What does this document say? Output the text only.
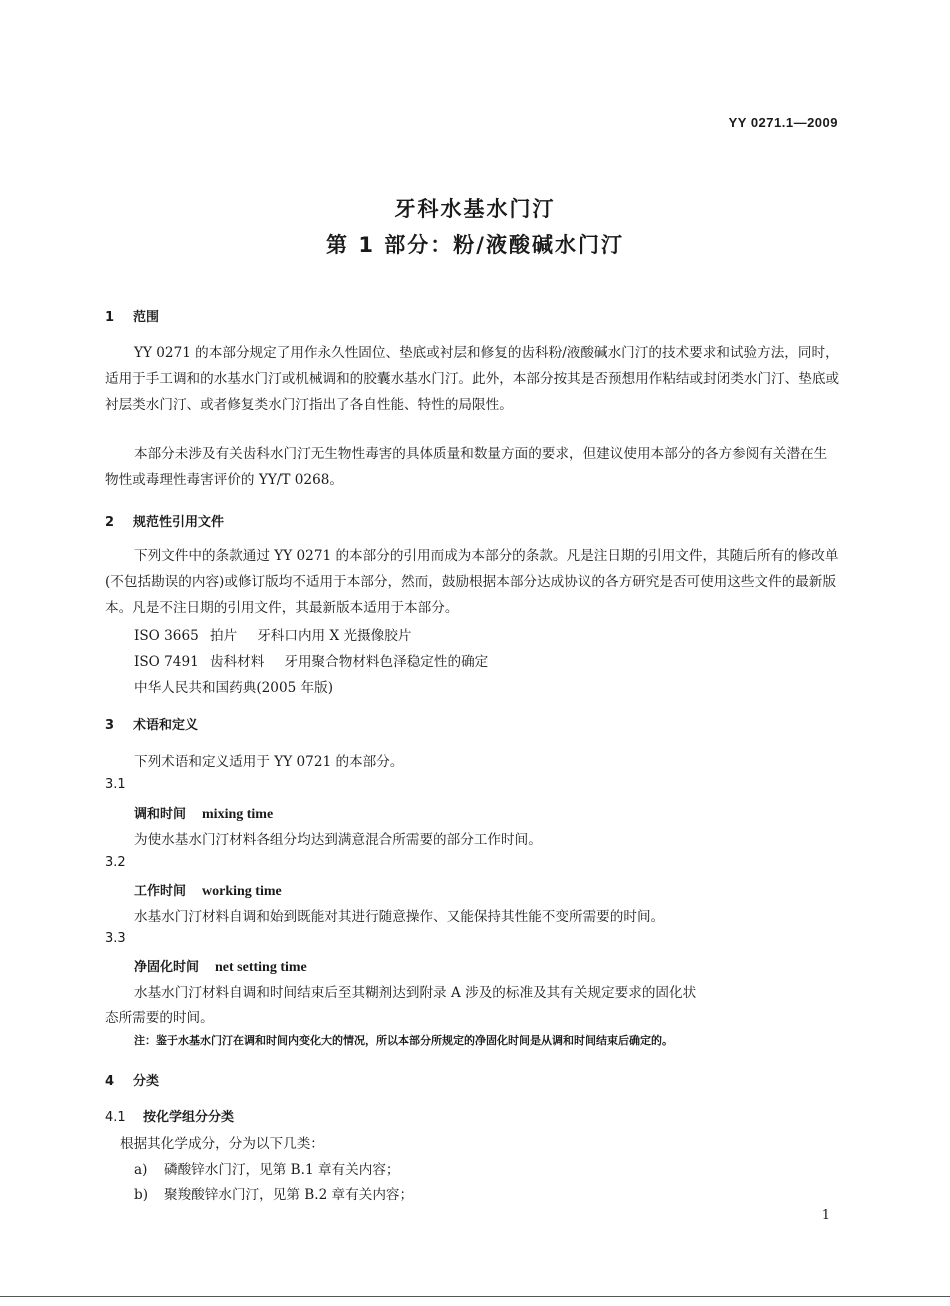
YY 0271.1—2009
牙科水基水门汀
第 1 部分：粉/液酸碱水门汀
1 范围
YY 0271 的本部分规定了用作永久性固位、垫底或衬层和修复的齿科粉/液酸碱水门汀的技术要求和试验方法，同时，适用于手工调和的水基水门汀或机械调和的胶囊水基水门汀。此外，本部分按其是否预想用作粘结或封闭类水门汀、垫底或衬层类水门汀、或者修复类水门汀指出了各自性能、特性的局限性。
本部分未涉及有关齿科水门汀无生物性毒害的具体质量和数量方面的要求，但建议使用本部分的各方参阅有关潜在生物性或毒理性毒害评价的 YY/T 0268。
2 规范性引用文件
下列文件中的条款通过 YY 0271 的本部分的引用而成为本部分的条款。凡是注日期的引用文件，其随后所有的修改单(不包括勘误的内容)或修订版均不适用于本部分，然而，鼓励根据本部分达成协议的各方研究是否可使用这些文件的最新版本。凡是不注日期的引用文件，其最新版本适用于本部分。
ISO 3665 拍片 牙科口内用 X 光摄像胶片
ISO 7491 齿科材料 牙用聚合物材料色泽稳定性的确定
中华人民共和国药典(2005 年版)
3 术语和定义
下列术语和定义适用于 YY 0721 的本部分。
3.1
调和时间 mixing time
为使水基水门汀材料各组分均达到满意混合所需要的部分工作时间。
3.2
工作时间 working time
水基水门汀材料自调和始到既能对其进行随意操作、又能保持其性能不变所需要的时间。
3.3
净固化时间 net setting time
水基水门汀材料自调和时间结束后至其糊剂达到附录 A 涉及的标准及其有关规定要求的固化状
态所需要的时间。
注：鉴于水基水门汀在调和时间内变化大的情况，所以本部分所规定的净固化时间是从调和时间结束后确定的。
4 分类
4.1 按化学组分分类
根据其化学成分，分为以下几类：
a) 磷酸锌水门汀，见第 B.1 章有关内容；
b) 聚羧酸锌水门汀，见第 B.2 章有关内容；
1
